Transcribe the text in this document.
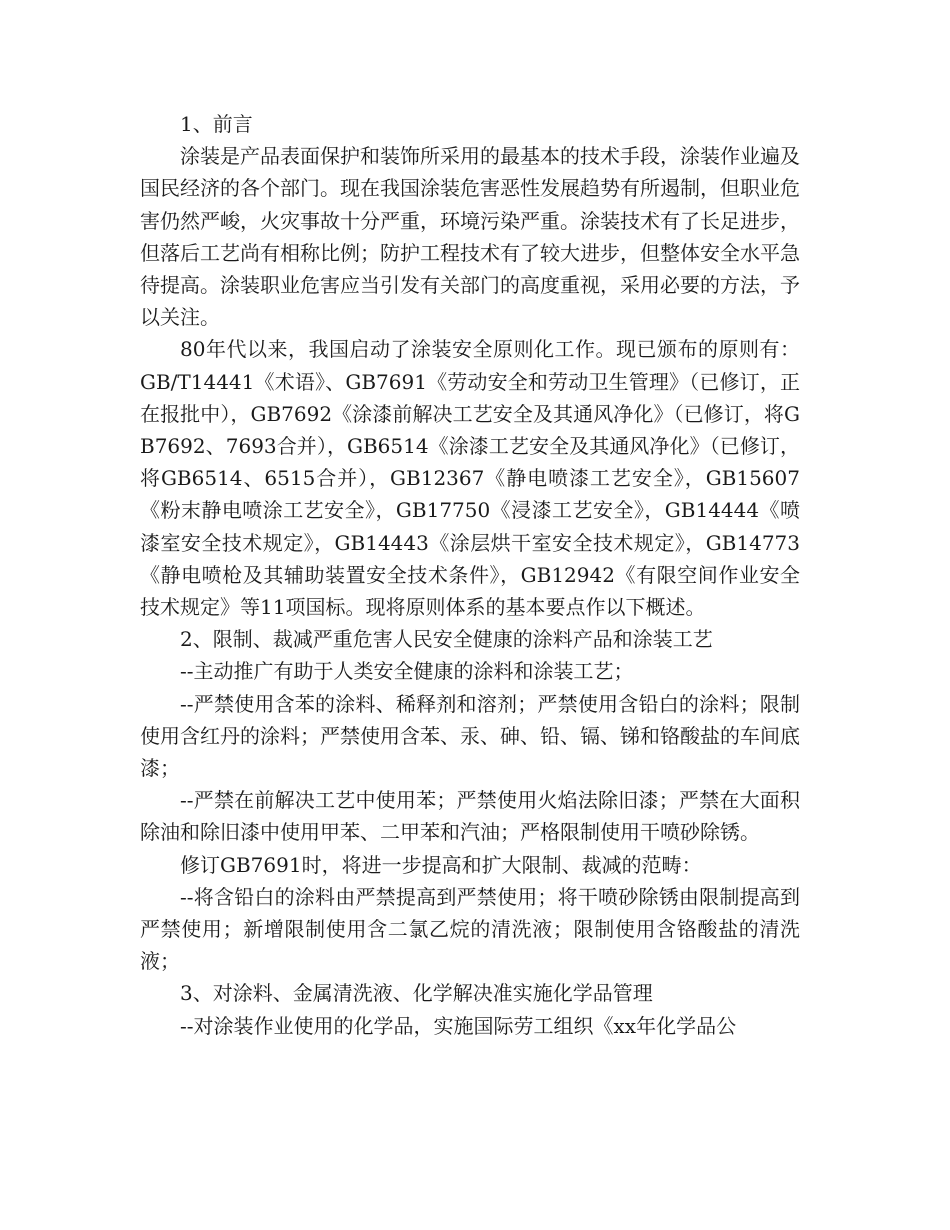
1、前言

涂装是产品表面保护和装饰所采用的最基本的技术手段，涂装作业遍及国民经济的各个部门。现在我国涂装危害恶性发展趋势有所遏制，但职业危害仍然严峻，火灾事故十分严重，环境污染严重。涂装技术有了长足进步，但落后工艺尚有相称比例；防护工程技术有了较大进步，但整体安全水平急待提高。涂装职业危害应当引发有关部门的高度重视，采用必要的方法，予以关注。

80年代以来，我国启动了涂装安全原则化工作。现已颁布的原则有：GB/T14441《术语》、GB7691《劳动安全和劳动卫生管理》（已修订，正在报批中），GB7692《涂漆前解决工艺安全及其通风净化》（已修订，将GB7692、7693合并），GB6514《涂漆工艺安全及其通风净化》（已修订，将GB6514、6515合并），GB12367《静电喷漆工艺安全》，GB15607《粉末静电喷涂工艺安全》，GB17750《浸漆工艺安全》，GB14444《喷漆室安全技术规定》，GB14443《涂层烘干室安全技术规定》，GB14773《静电喷枪及其辅助装置安全技术条件》，GB12942《有限空间作业安全技术规定》等11项国标。现将原则体系的基本要点作以下概述。

2、限制、裁减严重危害人民安全健康的涂料产品和涂装工艺

--主动推广有助于人类安全健康的涂料和涂装工艺；

--严禁使用含苯的涂料、稀释剂和溶剂；严禁使用含铅白的涂料；限制使用含红丹的涂料；严禁使用含苯、汞、砷、铅、镉、锑和铬酸盐的车间底漆；

--严禁在前解决工艺中使用苯；严禁使用火焰法除旧漆；严禁在大面积除油和除旧漆中使用甲苯、二甲苯和汽油；严格限制使用干喷砂除锈。

修订GB7691时，将进一步提高和扩大限制、裁减的范畴：

--将含铅白的涂料由严禁提高到严禁使用；将干喷砂除锈由限制提高到严禁使用；新增限制使用含二氯乙烷的清洗液；限制使用含铬酸盐的清洗液；

3、对涂料、金属清洗液、化学解决准实施化学品管理

--对涂装作业使用的化学品，实施国际劳工组织《xx年化学品公
